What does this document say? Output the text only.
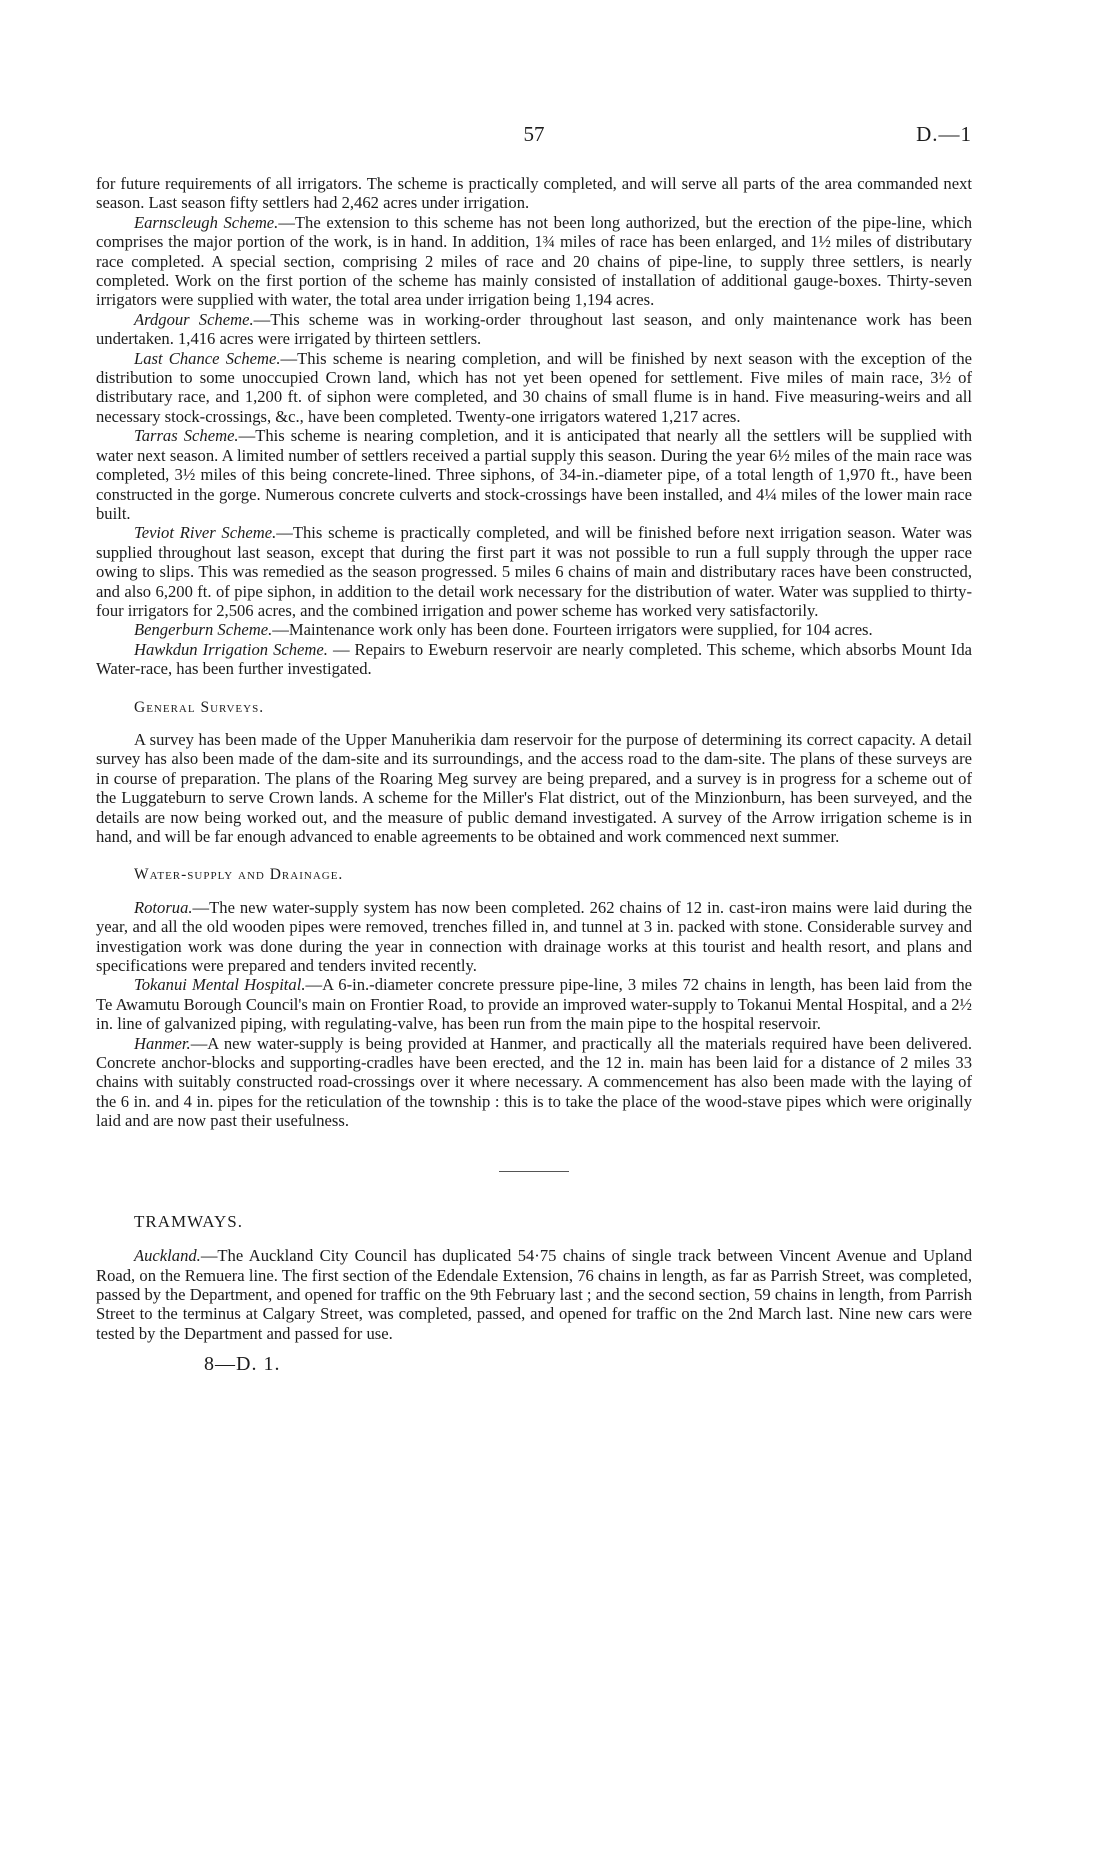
57	D.—1

for future requirements of all irrigators. The scheme is practically completed, and will serve all parts of the area commanded next season. Last season fifty settlers had 2,462 acres under irrigation.

Earnscleugh Scheme.—The extension to this scheme has not been long authorized, but the erection of the pipe-line, which comprises the major portion of the work, is in hand. In addition, 1¾ miles of race has been enlarged, and 1½ miles of distributary race completed. A special section, comprising 2 miles of race and 20 chains of pipe-line, to supply three settlers, is nearly completed. Work on the first portion of the scheme has mainly consisted of installation of additional gauge-boxes. Thirty-seven irrigators were supplied with water, the total area under irrigation being 1,194 acres.

Ardgour Scheme.—This scheme was in working-order throughout last season, and only maintenance work has been undertaken. 1,416 acres were irrigated by thirteen settlers.

Last Chance Scheme.—This scheme is nearing completion, and will be finished by next season with the exception of the distribution to some unoccupied Crown land, which has not yet been opened for settlement. Five miles of main race, 3½ of distributary race, and 1,200 ft. of siphon were completed, and 30 chains of small flume is in hand. Five measuring-weirs and all necessary stock-crossings, &c., have been completed. Twenty-one irrigators watered 1,217 acres.

Tarras Scheme.—This scheme is nearing completion, and it is anticipated that nearly all the settlers will be supplied with water next season. A limited number of settlers received a partial supply this season. During the year 6½ miles of the main race was completed, 3½ miles of this being concrete-lined. Three siphons, of 34-in.-diameter pipe, of a total length of 1,970 ft., have been constructed in the gorge. Numerous concrete culverts and stock-crossings have been installed, and 4¼ miles of the lower main race built.

Teviot River Scheme.—This scheme is practically completed, and will be finished before next irrigation season. Water was supplied throughout last season, except that during the first part it was not possible to run a full supply through the upper race owing to slips. This was remedied as the season progressed. 5 miles 6 chains of main and distributary races have been constructed, and also 6,200 ft. of pipe siphon, in addition to the detail work necessary for the distribution of water. Water was supplied to thirty-four irrigators for 2,506 acres, and the combined irrigation and power scheme has worked very satisfactorily.

Bengerburn Scheme.—Maintenance work only has been done. Fourteen irrigators were supplied, for 104 acres.

Hawkdun Irrigation Scheme. — Repairs to Eweburn reservoir are nearly completed. This scheme, which absorbs Mount Ida Water-race, has been further investigated.

General Surveys.

A survey has been made of the Upper Manuherikia dam reservoir for the purpose of determining its correct capacity. A detail survey has also been made of the dam-site and its surroundings, and the access road to the dam-site. The plans of these surveys are in course of preparation. The plans of the Roaring Meg survey are being prepared, and a survey is in progress for a scheme out of the Luggateburn to serve Crown lands. A scheme for the Miller's Flat district, out of the Minzionburn, has been surveyed, and the details are now being worked out, and the measure of public demand investigated. A survey of the Arrow irrigation scheme is in hand, and will be far enough advanced to enable agreements to be obtained and work commenced next summer.

Water-supply and Drainage.

Rotorua.—The new water-supply system has now been completed. 262 chains of 12 in. cast-iron mains were laid during the year, and all the old wooden pipes were removed, trenches filled in, and tunnel at 3 in. packed with stone. Considerable survey and investigation work was done during the year in connection with drainage works at this tourist and health resort, and plans and specifications were prepared and tenders invited recently.

Tokanui Mental Hospital.—A 6-in.-diameter concrete pressure pipe-line, 3 miles 72 chains in length, has been laid from the Te Awamutu Borough Council's main on Frontier Road, to provide an improved water-supply to Tokanui Mental Hospital, and a 2½ in. line of galvanized piping, with regulating-valve, has been run from the main pipe to the hospital reservoir.

Hanmer.—A new water-supply is being provided at Hanmer, and practically all the materials required have been delivered. Concrete anchor-blocks and supporting-cradles have been erected, and the 12 in. main has been laid for a distance of 2 miles 33 chains with suitably constructed road-crossings over it where necessary. A commencement has also been made with the laying of the 6 in. and 4 in. pipes for the reticulation of the township : this is to take the place of the wood-stave pipes which were originally laid and are now past their usefulness.

TRAMWAYS.

Auckland.—The Auckland City Council has duplicated 54·75 chains of single track between Vincent Avenue and Upland Road, on the Remuera line. The first section of the Edendale Extension, 76 chains in length, as far as Parrish Street, was completed, passed by the Department, and opened for traffic on the 9th February last ; and the second section, 59 chains in length, from Parrish Street to the terminus at Calgary Street, was completed, passed, and opened for traffic on the 2nd March last. Nine new cars were tested by the Department and passed for use.

8—D. 1.
